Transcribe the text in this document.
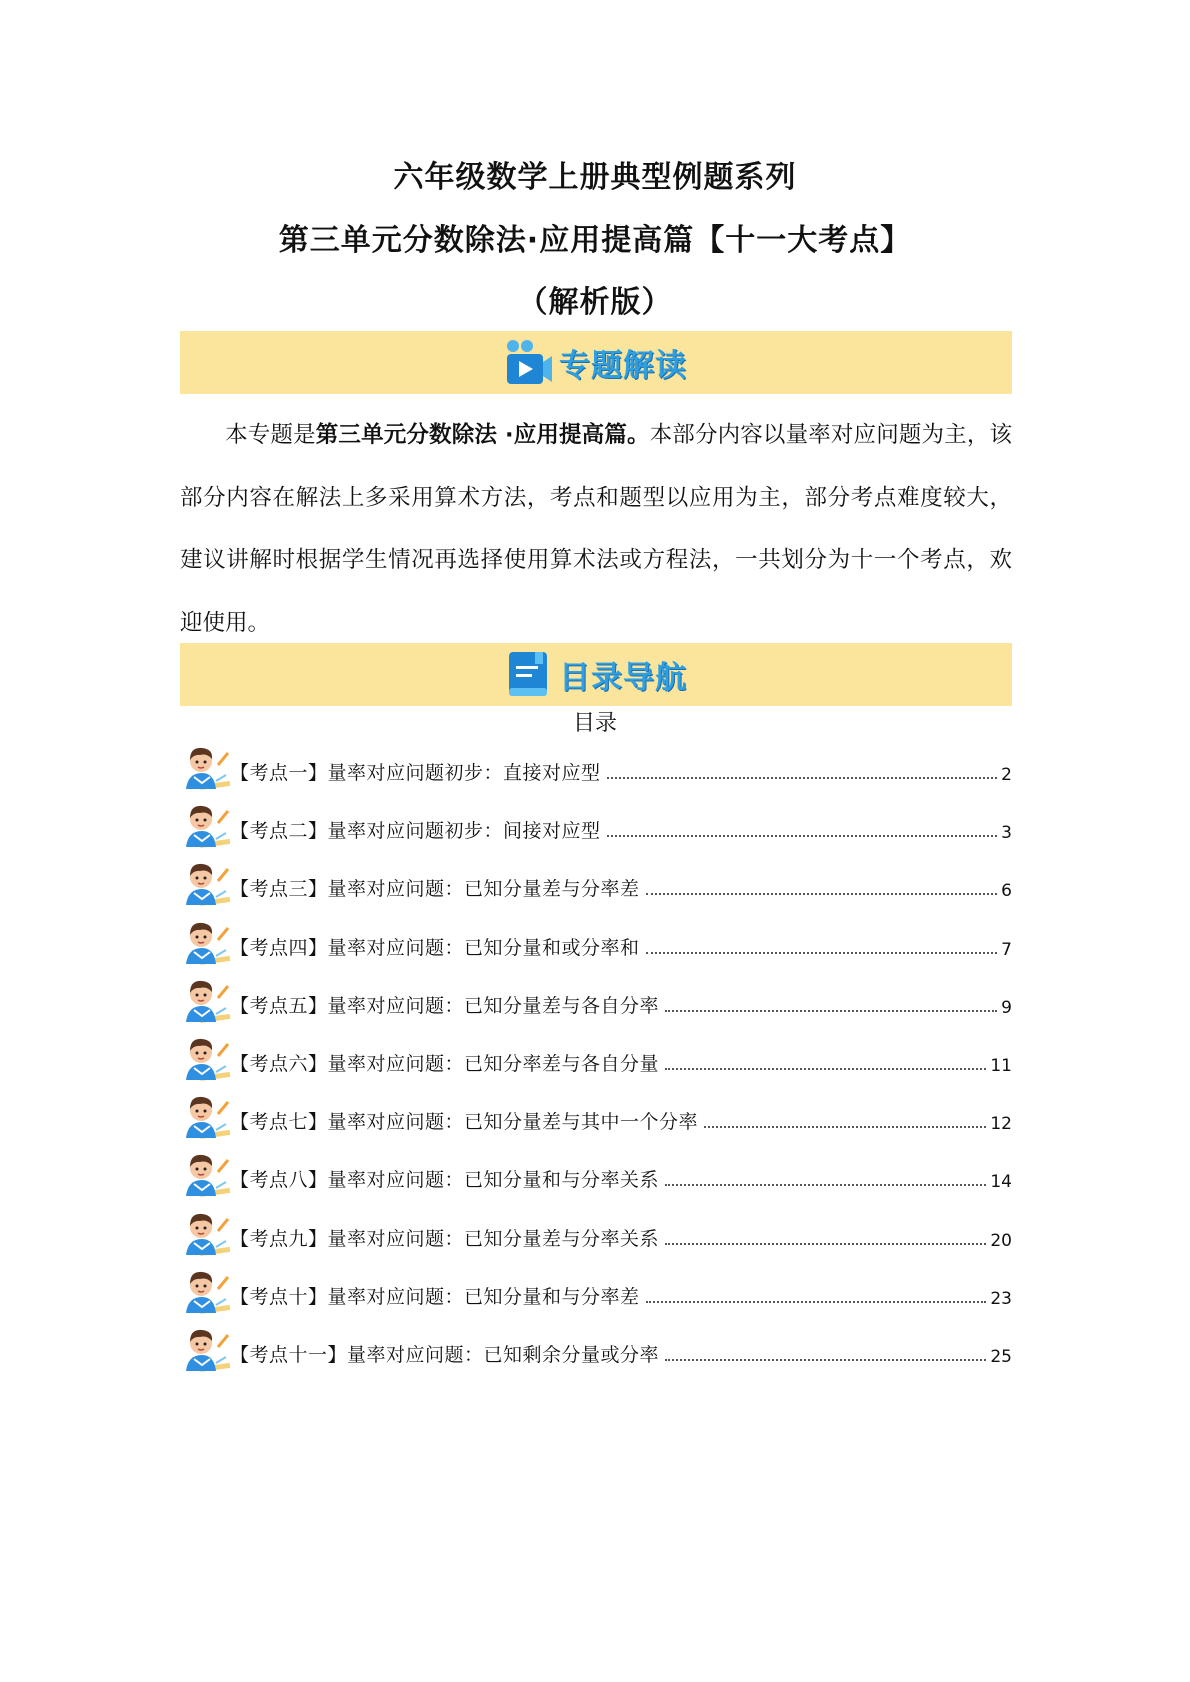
六年级数学上册典型例题系列
第三单元分数除法·应用提高篇【十一大考点】
（解析版）
专题解读
本专题是第三单元分数除法 ·应用提高篇。本部分内容以量率对应问题为主，该部分内容在解法上多采用算术方法，考点和题型以应用为主，部分考点难度较大，建议讲解时根据学生情况再选择使用算术法或方程法，一共划分为十一个考点，欢迎使用。
目录导航
目录
【考点一】量率对应问题初步：直接对应型	2
【考点二】量率对应问题初步：间接对应型	3
【考点三】量率对应问题：已知分量差与分率差	6
【考点四】量率对应问题：已知分量和或分率和	7
【考点五】量率对应问题：已知分量差与各自分率	9
【考点六】量率对应问题：已知分率差与各自分量	11
【考点七】量率对应问题：已知分量差与其中一个分率	12
【考点八】量率对应问题：已知分量和与分率关系	14
【考点九】量率对应问题：已知分量差与分率关系	20
【考点十】量率对应问题：已知分量和与分率差	23
【考点十一】量率对应问题：已知剩余分量或分率	25
